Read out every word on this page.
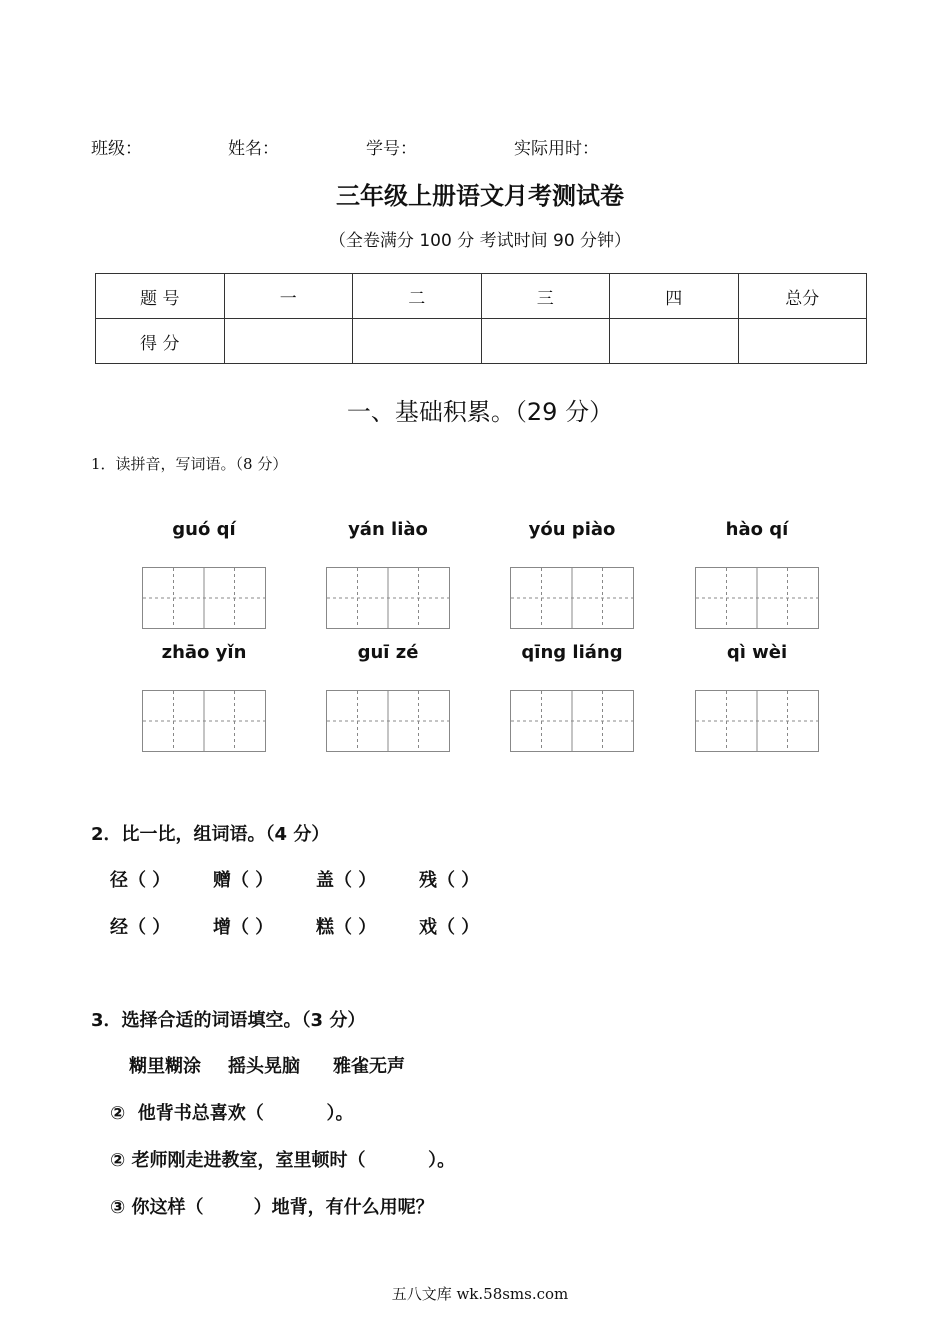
班级：	姓名：	学号：	实际用时：
三年级上册语文月考测试卷
（全卷满分 100 分 考试时间 90 分钟）
题 号	一	二	三	四	总分
得 分					
一、基础积累。（29 分）
1．读拼音，写词语。（8 分）
guó qí	yán liào	yóu piào	hào qí
zhāo yǐn	guī zé	qīng liáng	qì wèi
2．比一比，组词语。（4 分）
径（ ） 赠（ ） 盖（ ） 残（ ）
经（ ） 增（ ） 糕（ ） 戏（ ）
3．选择合适的词语填空。（3 分）
糊里糊涂 摇头晃脑 雅雀无声
②  他背书总喜欢（          ）。
② 老师刚走进教室，室里顿时（          ）。
③ 你这样（        ）地背，有什么用呢？
五八文库 wk.58sms.com
